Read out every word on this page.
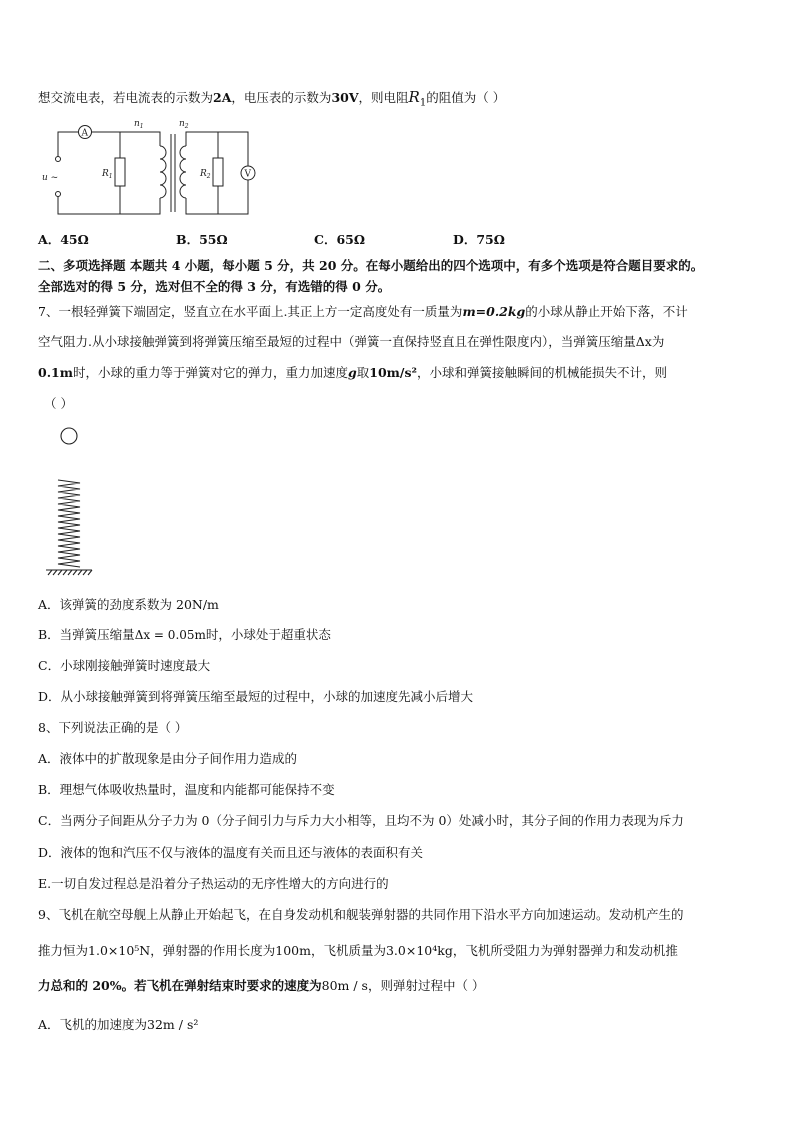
想交流电表，若电流表的示数为2A，电压表的示数为30V，则电阻$R_1$的阻值为（ ）
A
V
$n_1$	$n_2$
$R_1$	$R_2$
u ~
A．45Ω	B．55Ω	C．65Ω	D．75Ω
二、多项选择题 本题共 4 小题，每小题 5 分，共 20 分。在每小题给出的四个选项中，有多个选项是符合题目要求的。
全部选对的得 5 分，选对但不全的得 3 分，有选错的得 0 分。
7、一根轻弹簧下端固定，竖直立在水平面上.其正上方一定高度处有一质量为m=0.2kg的小球从静止开始下落，不计
空气阻力.从小球接触弹簧到将弹簧压缩至最短的过程中（弹簧一直保持竖直且在弹性限度内），当弹簧压缩量Δx为
0.1m时，小球的重力等于弹簧对它的弹力，重力加速度g取10m/s²，小球和弹簧接触瞬间的机械能损失不计，则
（ ）
A．该弹簧的劲度系数为 20N/m
B．当弹簧压缩量Δx = 0.05m时，小球处于超重状态
C．小球刚接触弹簧时速度最大
D．从小球接触弹簧到将弹簧压缩至最短的过程中，小球的加速度先减小后增大
8、下列说法正确的是（ ）
A．液体中的扩散现象是由分子间作用力造成的
B．理想气体吸收热量时，温度和内能都可能保持不变
C．当两分子间距从分子力为 0（分子间引力与斥力大小相等，且均不为 0）处减小时，其分子间的作用力表现为斥力
D．液体的饱和汽压不仅与液体的温度有关而且还与液体的表面积有关
E.一切自发过程总是沿着分子热运动的无序性增大的方向进行的
9、飞机在航空母舰上从静止开始起飞，在自身发动机和舰装弹射器的共同作用下沿水平方向加速运动。发动机产生的
推力恒为1.0×10⁵N，弹射器的作用长度为100m，飞机质量为3.0×10⁴kg，飞机所受阻力为弹射器弹力和发动机推
力总和的 20%。若飞机在弹射结束时要求的速度为80m / s，则弹射过程中（ ）
A．飞机的加速度为32m / s²
